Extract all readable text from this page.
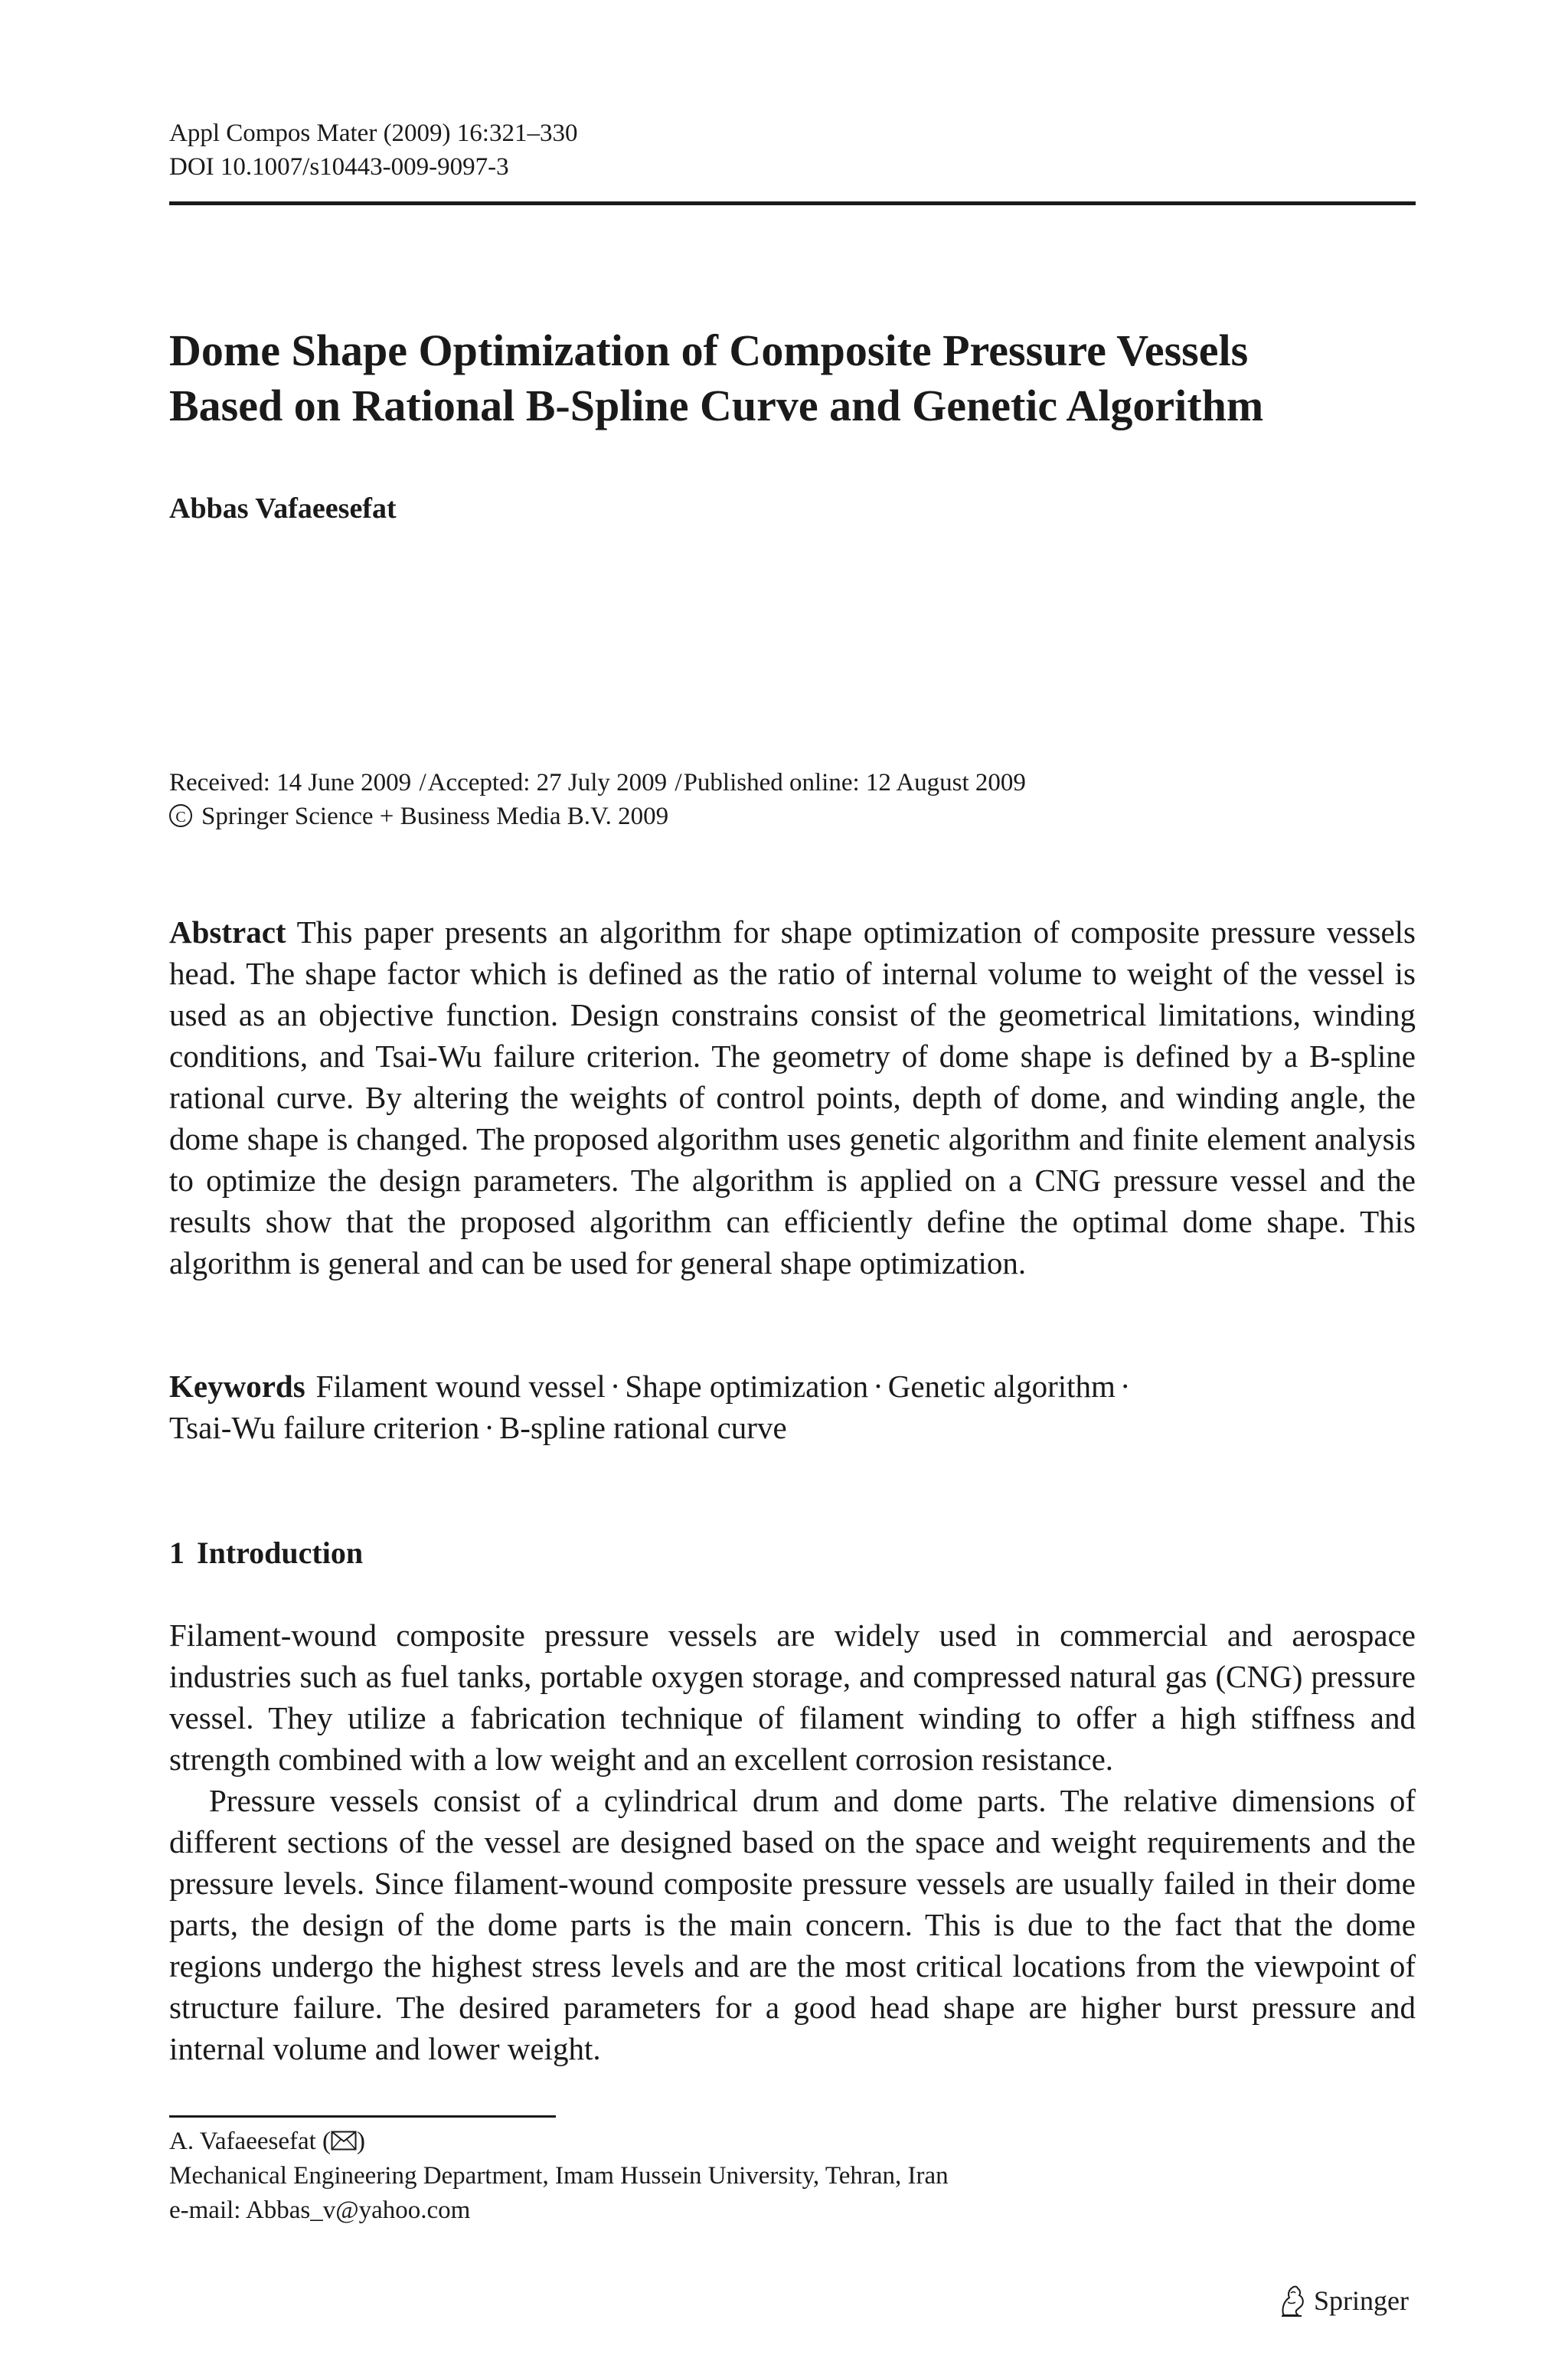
Appl Compos Mater (2009) 16:321–330
DOI 10.1007/s10443-009-9097-3
Dome Shape Optimization of Composite Pressure Vessels
Based on Rational B-Spline Curve and Genetic Algorithm
Abbas Vafaeesefat
Received: 14 June 2009 /Accepted: 27 July 2009 /Published online: 12 August 2009
C Springer Science + Business Media B.V. 2009
Abstract This paper presents an algorithm for shape optimization of composite pressure vessels head. The shape factor which is defined as the ratio of internal volume to weight of the vessel is used as an objective function. Design constrains consist of the geometrical limitations, winding conditions, and Tsai-Wu failure criterion. The geometry of dome shape is defined by a B-spline rational curve. By altering the weights of control points, depth of dome, and winding angle, the dome shape is changed. The proposed algorithm uses genetic algorithm and finite element analysis to optimize the design parameters. The algorithm is applied on a CNG pressure vessel and the results show that the proposed algorithm can efficiently define the optimal dome shape. This algorithm is general and can be used for general shape optimization.
Keywords Filament wound vessel · Shape optimization · Genetic algorithm ·
Tsai-Wu failure criterion · B-spline rational curve
1 Introduction

Filament-wound composite pressure vessels are widely used in commercial and aerospace industries such as fuel tanks, portable oxygen storage, and compressed natural gas (CNG) pressure vessel. They utilize a fabrication technique of filament winding to offer a high stiffness and strength combined with a low weight and an excellent corrosion resistance.

Pressure vessels consist of a cylindrical drum and dome parts. The relative dimensions of different sections of the vessel are designed based on the space and weight requirements and the pressure levels. Since filament-wound composite pressure vessels are usually failed in their dome parts, the design of the dome parts is the main concern. This is due to the fact that the dome regions undergo the highest stress levels and are the most critical locations from the viewpoint of structure failure. The desired parameters for a good head shape are higher burst pressure and internal volume and lower weight.

A. Vafaeesefat ( )
Mechanical Engineering Department, Imam Hussein University, Tehran, Iran
e-mail: Abbas_v@yahoo.com
Springer
